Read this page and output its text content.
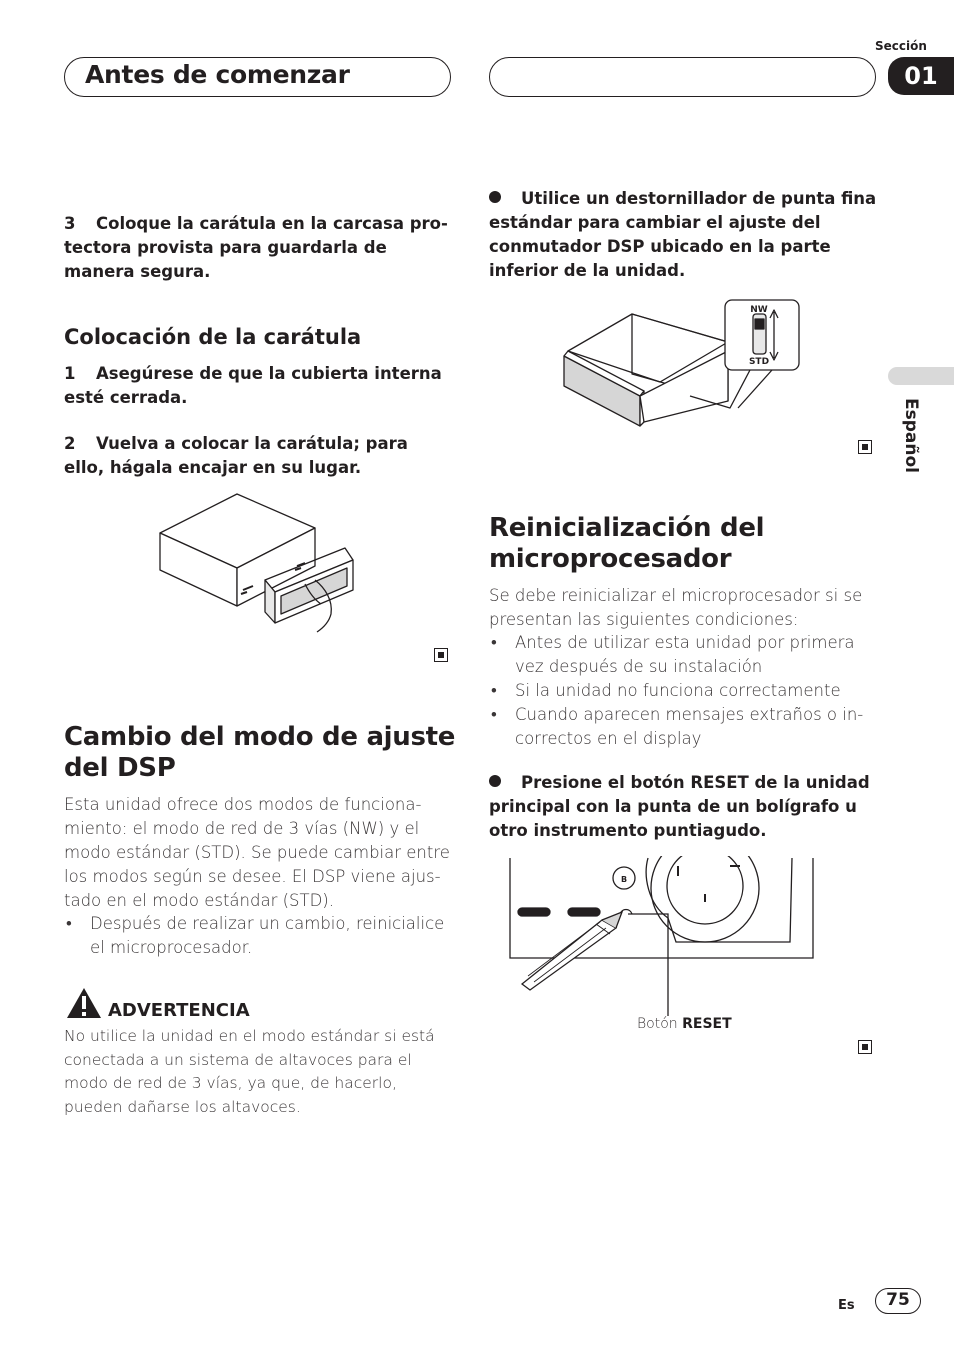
Antes de comenzar
Sección
01
Español
3 Coloque la carátula en la carcasa protectora provista para guardarla de manera segura.
Colocación de la carátula
1 Asegúrese de que la cubierta interna esté cerrada.
2 Vuelva a colocar la carátula; para ello, hágala encajar en su lugar.
Cambio del modo de ajuste
del DSP
Esta unidad ofrece dos modos de funcionamiento: el modo de red de 3 vías (NW) y el modo estándar (STD). Se puede cambiar entre los modos según se desee. El DSP viene ajustado en el modo estándar (STD).
• Después de realizar un cambio, reinicialice el microprocesador.
ADVERTENCIA
No utilice la unidad en el modo estándar si está conectada a un sistema de altavoces para el modo de red de 3 vías, ya que, de hacerlo, pueden dañarse los altavoces.
Utilice un destornillador de punta fina estándar para cambiar el ajuste del conmutador DSP ubicado en la parte inferior de la unidad.
NW
STD
Reinicialización del
microprocesador
Se debe reinicializar el microprocesador si se presentan las siguientes condiciones:
• Antes de utilizar esta unidad por primera vez después de su instalación
• Si la unidad no funciona correctamente
• Cuando aparecen mensajes extraños o incorrectos en el display
Presione el botón RESET de la unidad principal con la punta de un bolígrafo u otro instrumento puntiagudo.
B
Botón RESET
Es	75
